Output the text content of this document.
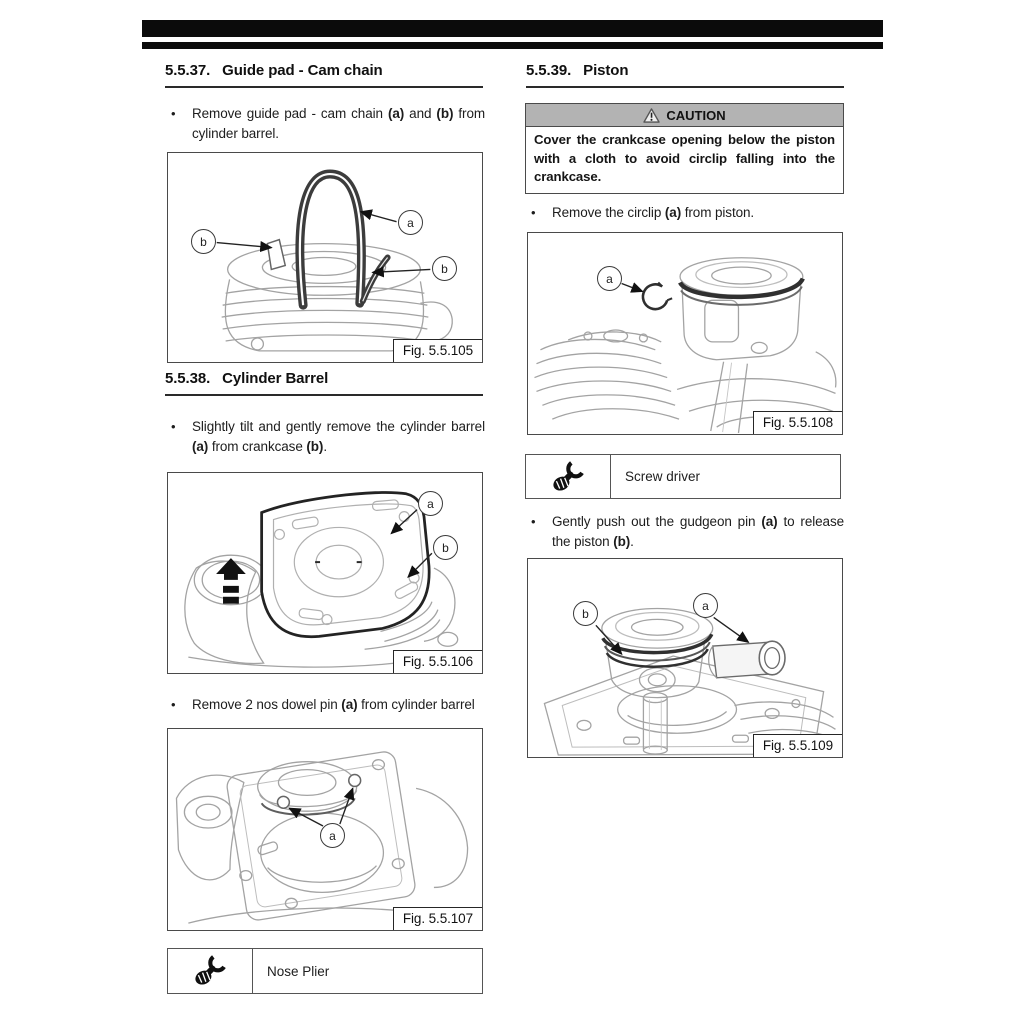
5.5.37. Guide pad - Cam chain
•	Remove guide pad - cam chain (a) and (b) from cylinder barrel.
a
b
b
Fig. 5.5.105
5.5.38. Cylinder Barrel
•	Slightly tilt and gently remove the cylinder barrel (a) from crankcase (b).
a
b
Fig. 5.5.106
•	Remove 2 nos dowel pin (a) from cylinder barrel
a
Fig. 5.5.107
Nose Plier
5.5.39. Piston
CAUTION
Cover the crankcase opening below the piston with a cloth to avoid circlip falling into the crankcase.
•	Remove the circlip (a) from piston.
a
Fig. 5.5.108
Screw driver
•	Gently push out the gudgeon pin (a) to release the piston (b).
b
a
Fig. 5.5.109
